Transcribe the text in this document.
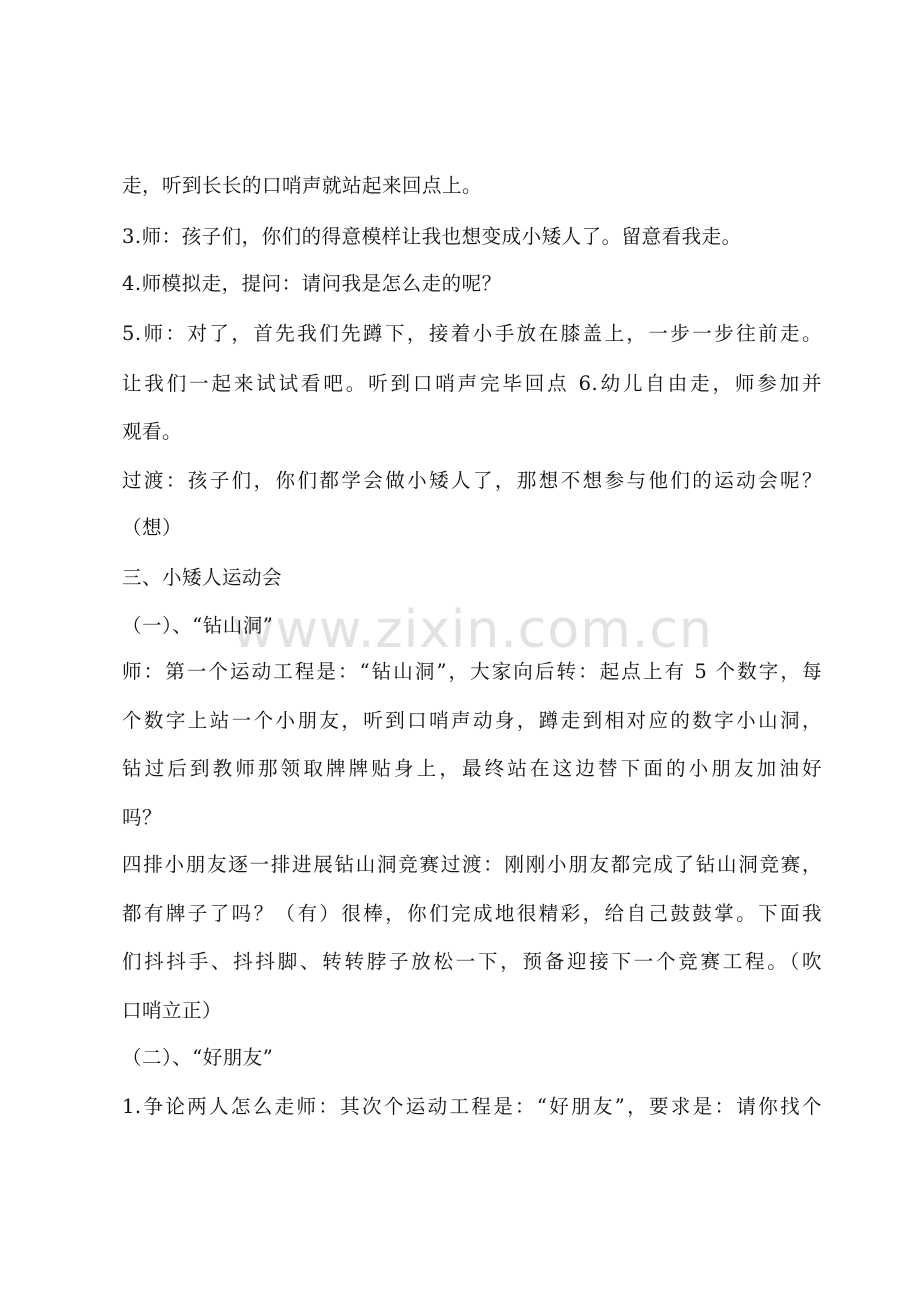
www.zixin.com.cn
走，听到长长的口哨声就站起来回点上。
3.师：孩子们，你们的得意模样让我也想变成小矮人了。留意看我走。
4.师模拟走，提问：请问我是怎么走的呢？
5.师：对了，首先我们先蹲下，接着小手放在膝盖上，一步一步往前走。
让我们一起来试试看吧。听到口哨声完毕回点 6.幼儿自由走，师参加并
观看。
过渡：孩子们，你们都学会做小矮人了，那想不想参与他们的运动会呢？
（想）
三、小矮人运动会
（一）、“钻山洞”
师：第一个运动工程是：“钻山洞”，大家向后转：起点上有 5 个数字，每
个数字上站一个小朋友，听到口哨声动身，蹲走到相对应的数字小山洞，
钻过后到教师那领取牌牌贴身上，最终站在这边替下面的小朋友加油好
吗？
四排小朋友逐一排进展钻山洞竞赛过渡：刚刚小朋友都完成了钻山洞竞赛，
都有牌子了吗？（有）很棒，你们完成地很精彩，给自己鼓鼓掌。下面我
们抖抖手、抖抖脚、转转脖子放松一下，预备迎接下一个竞赛工程。（吹
口哨立正）
（二）、“好朋友”
1.争论两人怎么走师：其次个运动工程是：“好朋友”，要求是：请你找个
